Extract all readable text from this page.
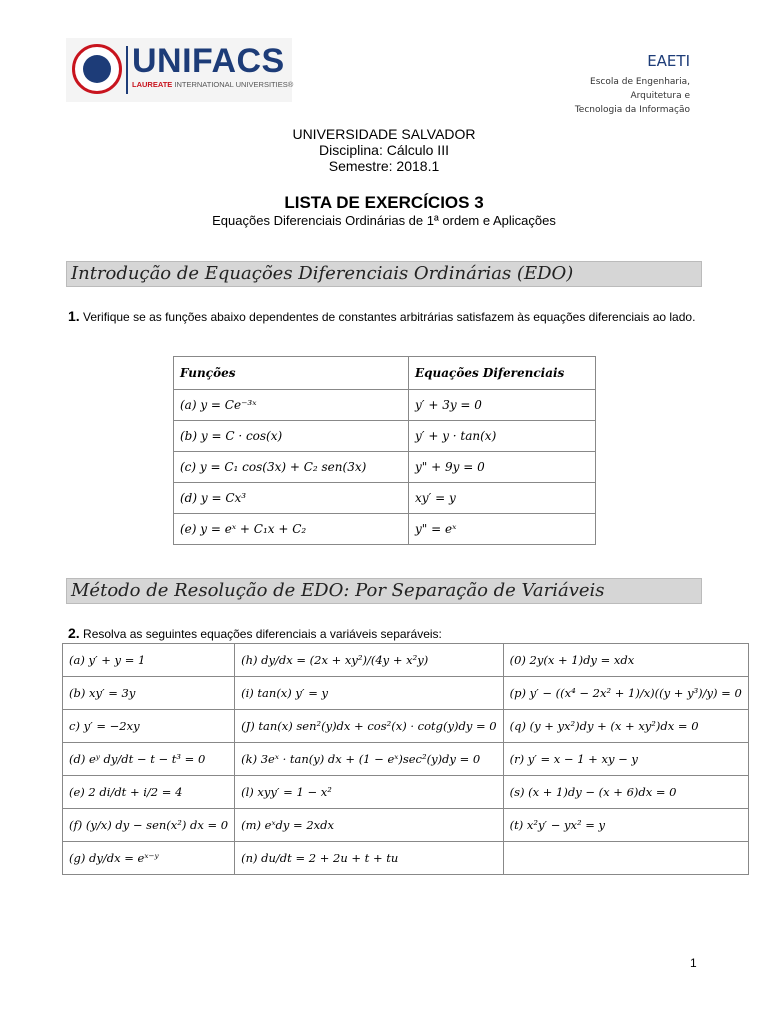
UNIFACS
LAUREATE INTERNATIONAL UNIVERSITIES®
EAETI
Escola de Engenharia,
Arquitetura e
Tecnologia da Informação
UNIVERSIDADE SALVADOR
Disciplina: Cálculo III
Semestre: 2018.1
LISTA DE EXERCÍCIOS 3
Equações Diferenciais Ordinárias de 1ª ordem e Aplicações
Introdução de Equações Diferenciais Ordinárias (EDO)
1. Verifique se as funções abaixo dependentes de constantes arbitrárias satisfazem às equações diferenciais ao lado.
Funções	Equações Diferenciais
(a) y = Ce⁻³ˣ	y′ + 3y = 0
(b) y = C · cos(x)	y′ + y · tan(x)
(c) y = C₁ cos(3x) + C₂ sen(3x)	y" + 9y = 0
(d) y = Cx³	xy′ = y
(e) y = eˣ + C₁x + C₂	y" = eˣ
Método de Resolução de EDO: Por Separação de Variáveis
2. Resolva as seguintes equações diferenciais a variáveis separáveis:
(a) y′ + y = 1	(h) dy/dx = (2x + xy²)/(4y + x²y)	(0) 2y(x + 1)dy = xdx
(b) xy′ = 3y	(i) tan(x) y′ = y	(p) y′ − ((x⁴ − 2x² + 1)/x)((y + y³)/y) = 0
c) y′ = −2xy	(J) tan(x) sen²(y)dx + cos²(x) · cotg(y)dy = 0	(q) (y + yx²)dy + (x + xy²)dx = 0
(d) eʸ dy/dt − t − t³ = 0	(k) 3eˣ · tan(y) dx + (1 − eˣ)sec²(y)dy = 0	(r) y′ = x − 1 + xy − y
(e) 2 di/dt + i/2 = 4	(l) xyy′ = 1 − x²	(s) (x + 1)dy − (x + 6)dx = 0
(f) (y/x) dy − sen(x²) dx = 0	(m) eˣdy = 2xdx	(t) x²y′ − yx² = y
(g) dy/dx = eˣ⁻ʸ	(n) du/dt = 2 + 2u + t + tu	
1
